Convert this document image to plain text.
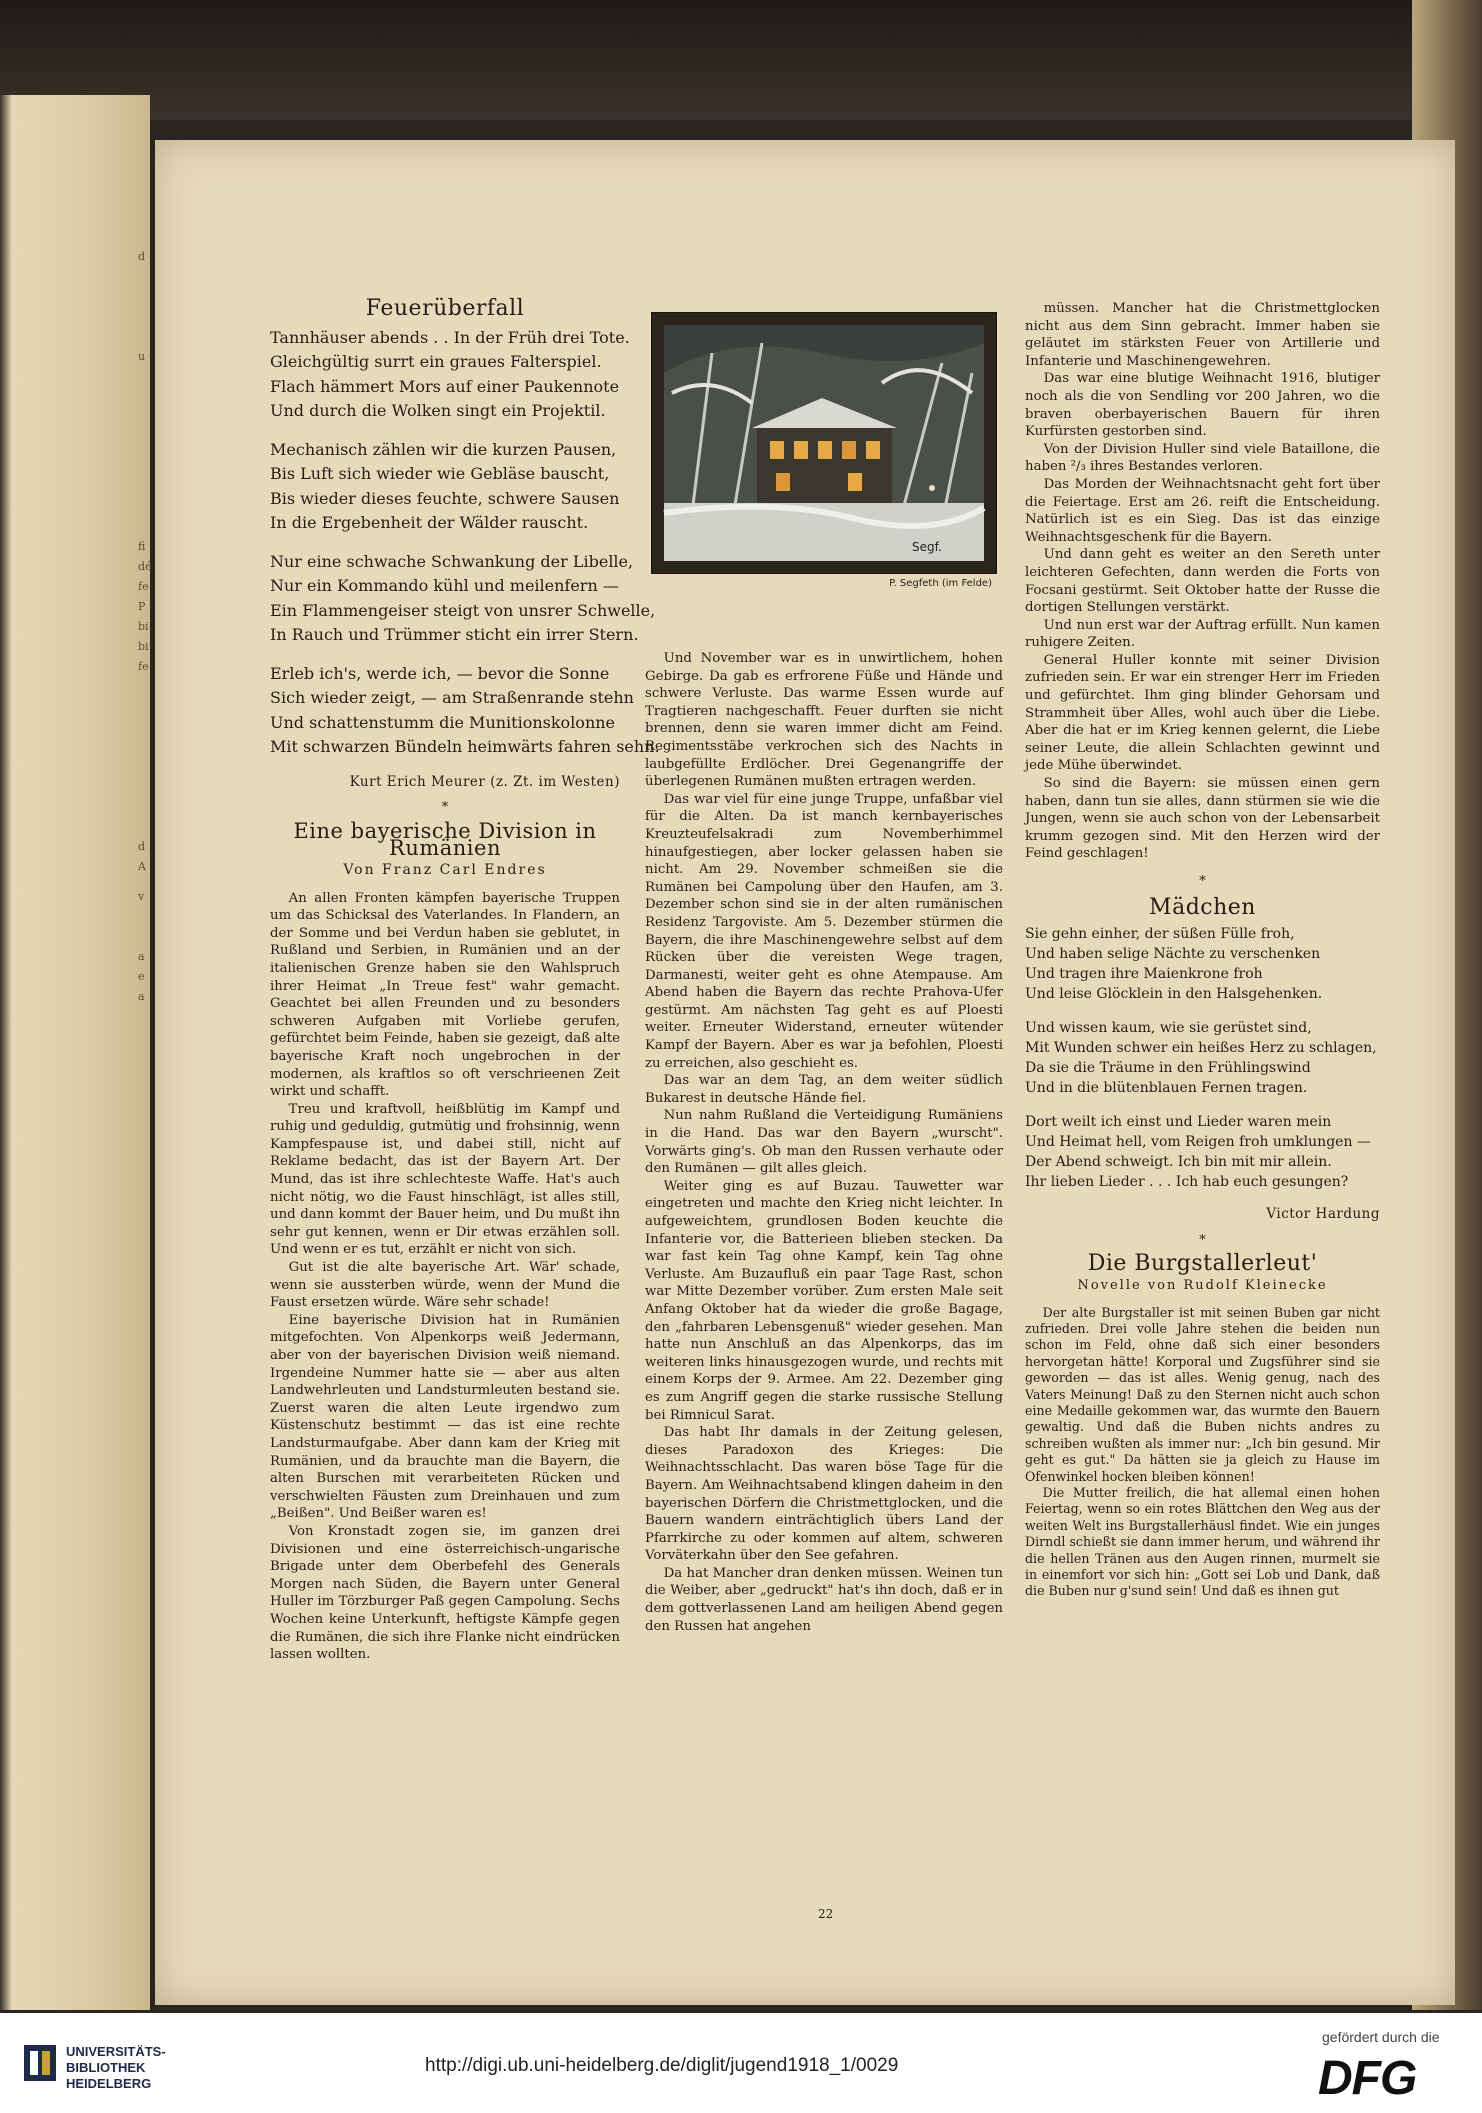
d
u
fi
dé
fe
P
bi
bi
fe
d
A
v
a
e
a
Feuerüberfall

Tannhäuser abends . . In der Früh drei Tote.
Gleichgültig surrt ein graues Falterspiel.
Flach hämmert Mors auf einer Paukennote
Und durch die Wolken singt ein Projektil.

Mechanisch zählen wir die kurzen Pausen,
Bis Luft sich wieder wie Gebläse bauscht,
Bis wieder dieses feuchte, schwere Sausen
In die Ergebenheit der Wälder rauscht.

Nur eine schwache Schwankung der Libelle,
Nur ein Kommando kühl und meilenfern —
Ein Flammengeiser steigt von unsrer Schwelle,
In Rauch und Trümmer sticht ein irrer Stern.

Erleb ich's, werde ich, — bevor die Sonne
Sich wieder zeigt, — am Straßenrande stehn
Und schattenstumm die Munitionskolonne
Mit schwarzen Bündeln heimwärts fahren sehn.

Kurt Erich Meurer (z. Zt. im Westen)
*
Eine bayerische Division in Rumänien
Von Franz Carl Endres

An allen Fronten kämpfen bayerische Truppen um das Schicksal des Vaterlandes. In Flandern, an der Somme und bei Verdun haben sie geblutet, in Rußland und Serbien, in Rumänien und an der italienischen Grenze haben sie den Wahlspruch ihrer Heimat „In Treue fest" wahr gemacht. Geachtet bei allen Freunden und zu besonders schweren Aufgaben mit Vorliebe gerufen, gefürchtet beim Feinde, haben sie gezeigt, daß alte bayerische Kraft noch ungebrochen in der modernen, als kraftlos so oft verschrieenen Zeit wirkt und schafft.

Treu und kraftvoll, heißblütig im Kampf und ruhig und geduldig, gutmütig und frohsinnig, wenn Kampfespause ist, und dabei still, nicht auf Reklame bedacht, das ist der Bayern Art. Der Mund, das ist ihre schlechteste Waffe. Hat's auch nicht nötig, wo die Faust hinschlägt, ist alles still, und dann kommt der Bauer heim, und Du mußt ihn sehr gut kennen, wenn er Dir etwas erzählen soll. Und wenn er es tut, erzählt er nicht von sich.

Gut ist die alte bayerische Art. Wär' schade, wenn sie aussterben würde, wenn der Mund die Faust ersetzen würde. Wäre sehr schade!

Eine bayerische Division hat in Rumänien mitgefochten. Von Alpenkorps weiß Jedermann, aber von der bayerischen Division weiß niemand. Irgendeine Nummer hatte sie — aber aus alten Landwehrleuten und Landsturmleuten bestand sie. Zuerst waren die alten Leute irgendwo zum Küstenschutz bestimmt — das ist eine rechte Landsturmaufgabe. Aber dann kam der Krieg mit Rumänien, und da brauchte man die Bayern, die alten Burschen mit verarbeiteten Rücken und verschwielten Fäusten zum Dreinhauen und zum „Beißen". Und Beißer waren es!

Von Kronstadt zogen sie, im ganzen drei Divisionen und eine österreichisch-ungarische Brigade unter dem Oberbefehl des Generals Morgen nach Süden, die Bayern unter General Huller im Törzburger Paß gegen Campolung. Sechs Wochen keine Unterkunft, heftigste Kämpfe gegen die Rumänen, die sich ihre Flanke nicht eindrücken lassen wollten.

Segf.
P. Segfeth (im Felde)

Und November war es in unwirtlichem, hohen Gebirge. Da gab es erfrorene Füße und Hände und schwere Verluste. Das warme Essen wurde auf Tragtieren nachgeschafft. Feuer durften sie nicht brennen, denn sie waren immer dicht am Feind. Regimentsstäbe verkrochen sich des Nachts in laubgefüllte Erdlöcher. Drei Gegenangriffe der überlegenen Rumänen mußten ertragen werden.

Das war viel für eine junge Truppe, unfaßbar viel für die Alten. Da ist manch kernbayerisches Kreuzteufelsakradi zum Novemberhimmel hinaufgestiegen, aber locker gelassen haben sie nicht. Am 29. November schmeißen sie die Rumänen bei Campolung über den Haufen, am 3. Dezember schon sind sie in der alten rumänischen Residenz Targoviste. Am 5. Dezember stürmen die Bayern, die ihre Maschinengewehre selbst auf dem Rücken über die vereisten Wege tragen, Darmanesti, weiter geht es ohne Atempause. Am Abend haben die Bayern das rechte Prahova-Ufer gestürmt. Am nächsten Tag geht es auf Ploesti weiter. Erneuter Widerstand, erneuter wütender Kampf der Bayern. Aber es war ja befohlen, Ploesti zu erreichen, also geschieht es.

Das war an dem Tag, an dem weiter südlich Bukarest in deutsche Hände fiel.

Nun nahm Rußland die Verteidigung Rumäniens in die Hand. Das war den Bayern „wurscht". Vorwärts ging's. Ob man den Russen verhaute oder den Rumänen — gilt alles gleich.

Weiter ging es auf Buzau. Tauwetter war eingetreten und machte den Krieg nicht leichter. In aufgeweichtem, grundlosen Boden keuchte die Infanterie vor, die Batterieen blieben stecken. Da war fast kein Tag ohne Kampf, kein Tag ohne Verluste. Am Buzaufluß ein paar Tage Rast, schon war Mitte Dezember vorüber. Zum ersten Male seit Anfang Oktober hat da wieder die große Bagage, den „fahrbaren Lebensgenuß" wieder gesehen. Man hatte nun Anschluß an das Alpenkorps, das im weiteren links hinausgezogen wurde, und rechts mit einem Korps der 9. Armee. Am 22. Dezember ging es zum Angriff gegen die starke russische Stellung bei Rimnicul Sarat.

Das habt Ihr damals in der Zeitung gelesen, dieses Paradoxon des Krieges: Die Weihnachtsschlacht. Das waren böse Tage für die Bayern. Am Weihnachtsabend klingen daheim in den bayerischen Dörfern die Christmettglocken, und die Bauern wandern einträchtiglich übers Land der Pfarrkirche zu oder kommen auf altem, schweren Vorväterkahn über den See gefahren.

Da hat Mancher dran denken müssen. Weinen tun die Weiber, aber „gedruckt" hat's ihn doch, daß er in dem gottverlassenen Land am heiligen Abend gegen den Russen hat angehen

müssen. Mancher hat die Christmettglocken nicht aus dem Sinn gebracht. Immer haben sie geläutet im stärksten Feuer von Artillerie und Infanterie und Maschinengewehren.

Das war eine blutige Weihnacht 1916, blutiger noch als die von Sendling vor 200 Jahren, wo die braven oberbayerischen Bauern für ihren Kurfürsten gestorben sind.

Von der Division Huller sind viele Bataillone, die haben ²/₃ ihres Bestandes verloren.

Das Morden der Weihnachtsnacht geht fort über die Feiertage. Erst am 26. reift die Entscheidung. Natürlich ist es ein Sieg. Das ist das einzige Weihnachtsgeschenk für die Bayern.

Und dann geht es weiter an den Sereth unter leichteren Gefechten, dann werden die Forts von Focsani gestürmt. Seit Oktober hatte der Russe die dortigen Stellungen verstärkt.

Und nun erst war der Auftrag erfüllt. Nun kamen ruhigere Zeiten.

General Huller konnte mit seiner Division zufrieden sein. Er war ein strenger Herr im Frieden und gefürchtet. Ihm ging blinder Gehorsam und Strammheit über Alles, wohl auch über die Liebe. Aber die hat er im Krieg kennen gelernt, die Liebe seiner Leute, die allein Schlachten gewinnt und jede Mühe überwindet.

So sind die Bayern: sie müssen einen gern haben, dann tun sie alles, dann stürmen sie wie die Jungen, wenn sie auch schon von der Lebensarbeit krumm gezogen sind. Mit den Herzen wird der Feind geschlagen!

*
Mädchen

Sie gehn einher, der süßen Fülle froh,
Und haben selige Nächte zu verschenken
Und tragen ihre Maienkrone froh
Und leise Glöcklein in den Halsgehenken.

Und wissen kaum, wie sie gerüstet sind,
Mit Wunden schwer ein heißes Herz zu schlagen,
Da sie die Träume in den Frühlingswind
Und in die blütenblauen Fernen tragen.

Dort weilt ich einst und Lieder waren mein
Und Heimat hell, vom Reigen froh umklungen —
Der Abend schweigt. Ich bin mit mir allein.
Ihr lieben Lieder . . . Ich hab euch gesungen?

Victor Hardung
*
Die Burgstallerleut'
Novelle von Rudolf Kleinecke

Der alte Burgstaller ist mit seinen Buben gar nicht zufrieden. Drei volle Jahre stehen die beiden nun schon im Feld, ohne daß sich einer besonders hervorgetan hätte! Korporal und Zugsführer sind sie geworden — das ist alles. Wenig genug, nach des Vaters Meinung! Daß zu den Sternen nicht auch schon eine Medaille gekommen war, das wurmte den Bauern gewaltig. Und daß die Buben nichts andres zu schreiben wußten als immer nur: „Ich bin gesund. Mir geht es gut." Da hätten sie ja gleich zu Hause im Ofenwinkel hocken bleiben können!

Die Mutter freilich, die hat allemal einen hohen Feiertag, wenn so ein rotes Blättchen den Weg aus der weiten Welt ins Burgstallerhäusl findet. Wie ein junges Dirndl schießt sie dann immer herum, und während ihr die hellen Tränen aus den Augen rinnen, murmelt sie in einemfort vor sich hin: „Gott sei Lob und Dank, daß die Buben nur g'sund sein! Und daß es ihnen gut

22
UNIVERSITÄTS-
BIBLIOTHEK
HEIDELBERG
http://digi.ub.uni-heidelberg.de/diglit/jugend1918_1/0029
gefördert durch die
DFG
